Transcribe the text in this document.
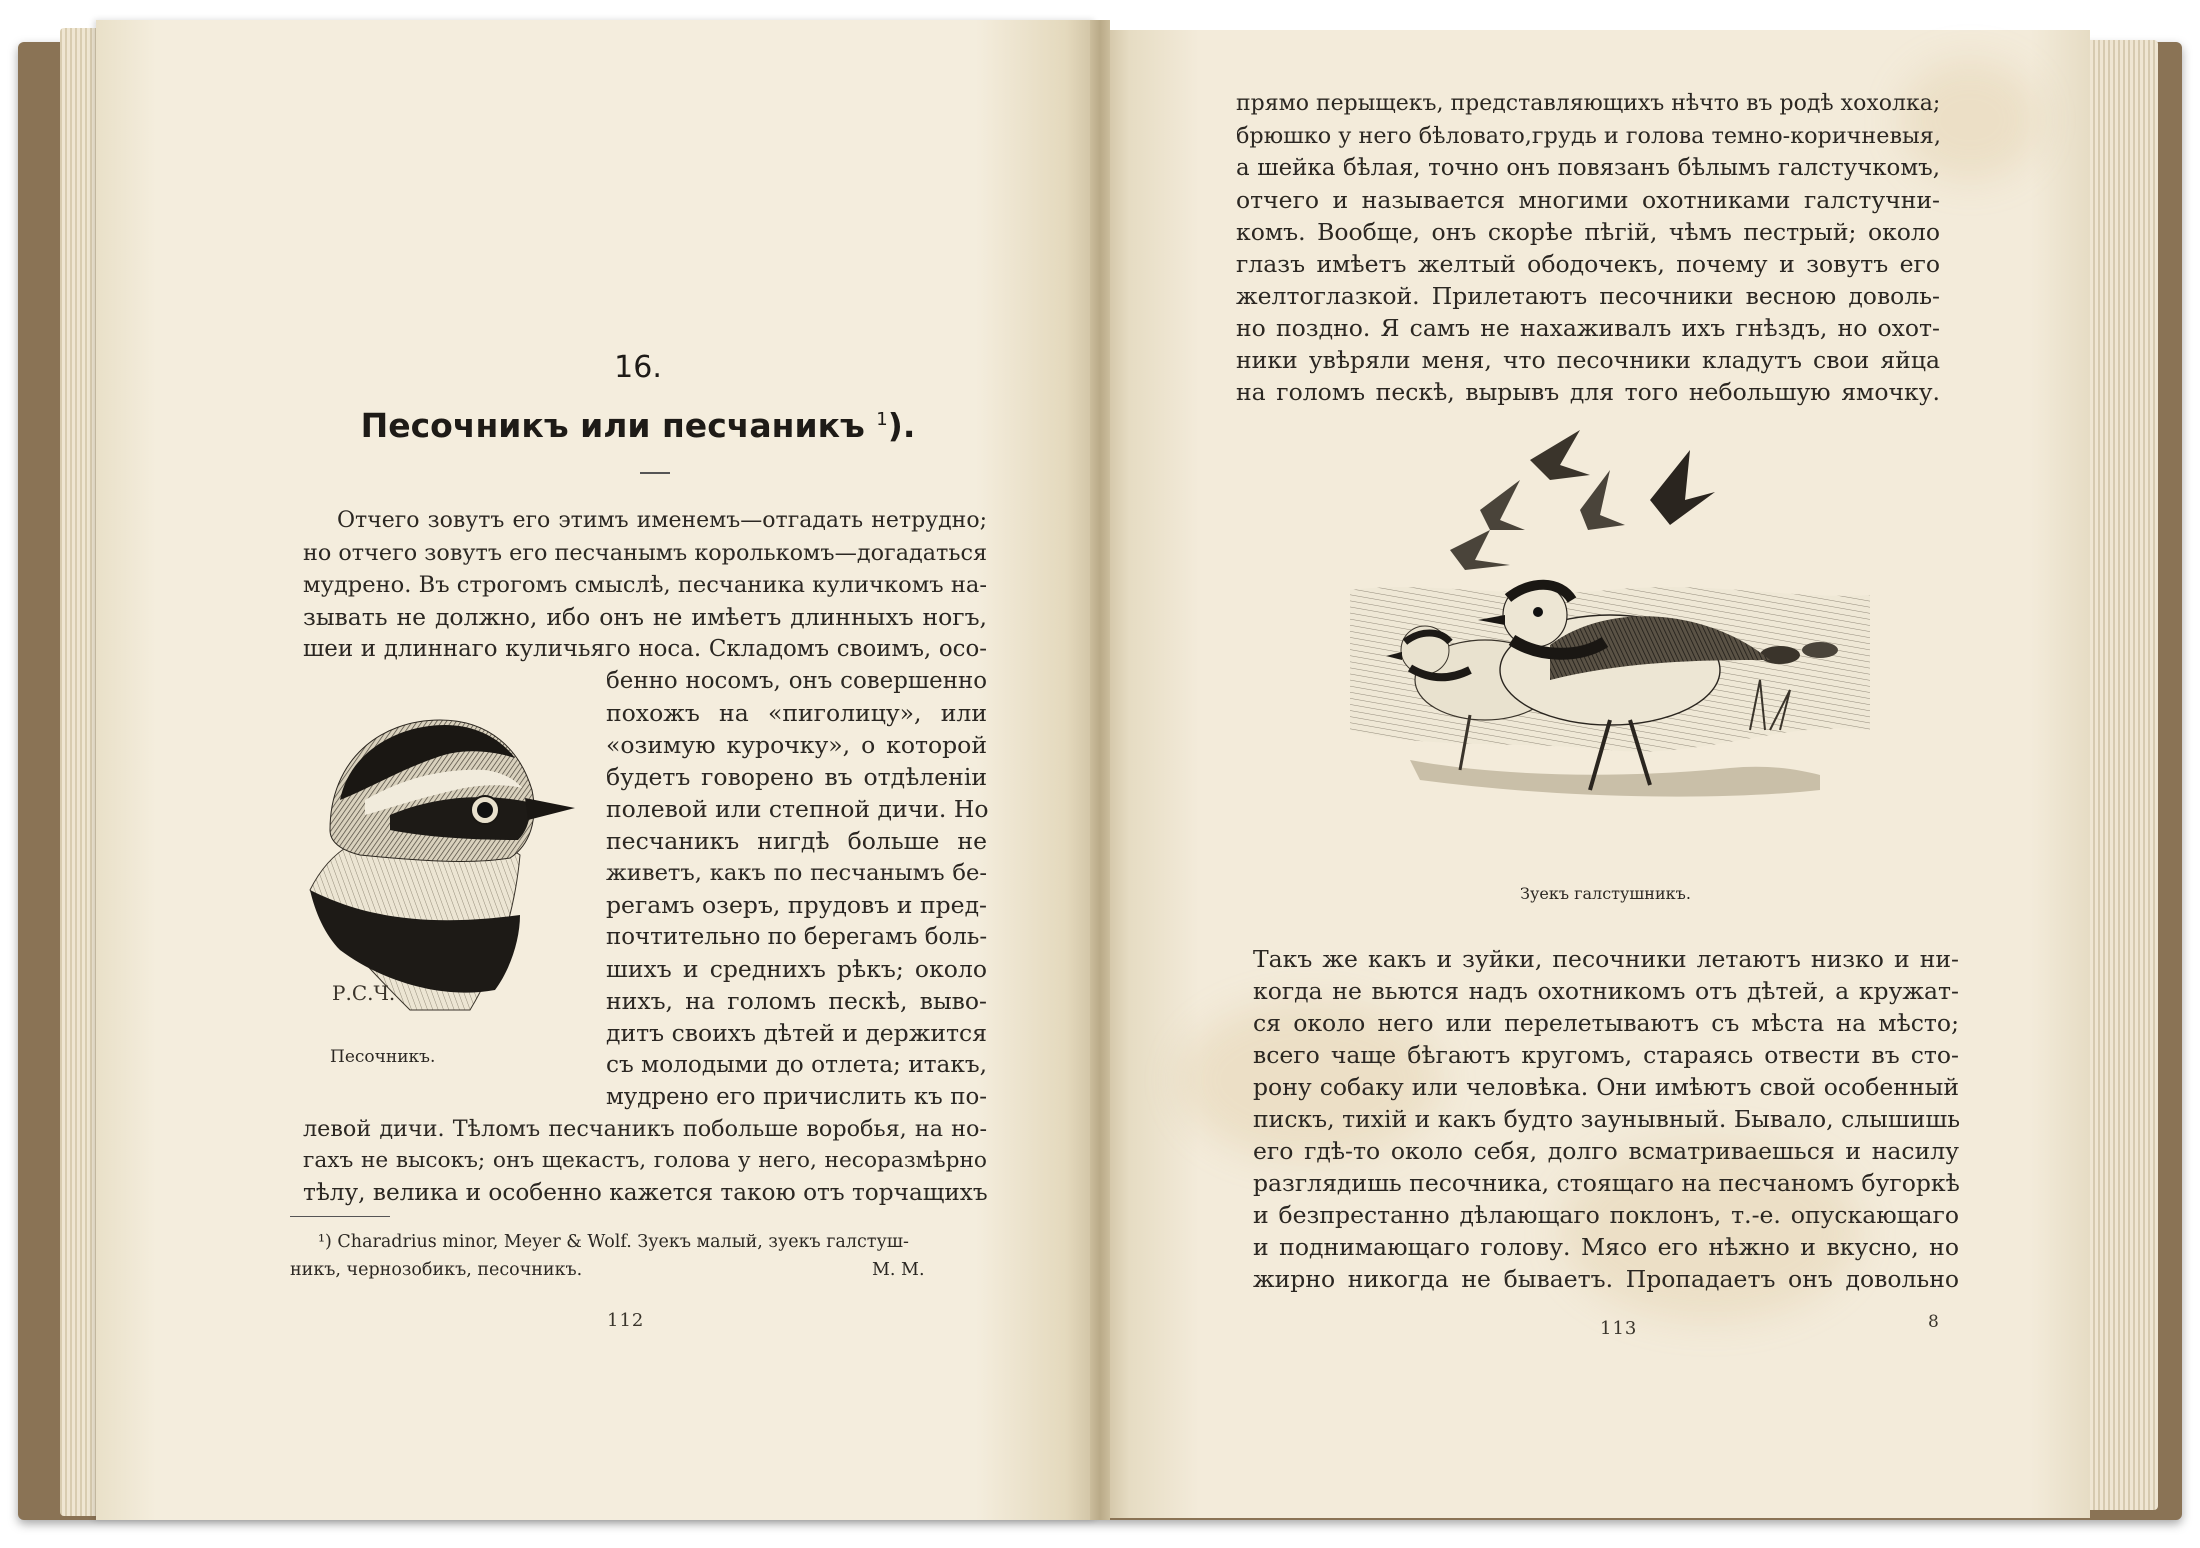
16.
Песочникъ или песчаникъ $^1$).
Отчего зовутъ его этимъ именемъ—отгадать нетрудно;
но отчего зовутъ его песчанымъ королькомъ—догадаться
мудрено. Въ строгомъ смыслѣ, песчаника куличкомъ на-
зывать не должно, ибо онъ не имѣетъ длинныхъ ногъ,
шеи и длиннаго куличьяго носа. Складомъ своимъ, осо-
бенно носомъ, онъ совершенно
похожъ на «пиголицу», или
«озимую курочку», о которой
будетъ говорено въ отдѣленіи
полевой или степной дичи. Но
песчаникъ нигдѣ больше не
живетъ, какъ по песчанымъ бе-
регамъ озеръ, прудовъ и пред-
почтительно по берегамъ боль-
шихъ и среднихъ рѣкъ; около
нихъ, на голомъ пескѣ, выво-
дитъ своихъ дѣтей и держится
съ молодыми до отлета; итакъ,
мудрено его причислить къ по-
левой дичи. Тѣломъ песчаникъ побольше воробья, на но-
гахъ не высокъ; онъ щекастъ, голова у него, несоразмѣрно
тѣлу, велика и особенно кажется такою отъ торчащихъ
Р.С.Ч.
Песочникъ.
¹) Charadrius minor, Meyer & Wolf. Зуекъ малый, зуекъ галстуш-
никъ, чернозобикъ, песочникъ.	М. М.
112
прямо перыщекъ, представляющихъ нѣчто въ родѣ хохолка;
брюшко у него бѣловато,грудь и голова темно-коричневыя,
а шейка бѣлая, точно онъ повязанъ бѣлымъ галстучкомъ,
отчего и называется многими охотниками галстучни-
комъ. Вообще, онъ скорѣе пѣгій, чѣмъ пестрый; около
глазъ имѣетъ желтый ободочекъ, почему и зовутъ его
желтоглазкой. Прилетаютъ песочники весною доволь-
но поздно. Я самъ не нахаживалъ ихъ гнѣздъ, но охот-
ники увѣряли меня, что песочники кладутъ свои яйца
на голомъ пескѣ, вырывъ для того небольшую ямочку.
Зуекъ галстушникъ.
Такъ же какъ и зуйки, песочники летаютъ низко и ни-
когда не вьются надъ охотникомъ отъ дѣтей, а кружат-
ся около него или перелетываютъ съ мѣста на мѣсто;
всего чаще бѣгаютъ кругомъ, стараясь отвести въ сто-
рону собаку или человѣка. Они имѣютъ свой особенный
пискъ, тихій и какъ будто заунывный. Бывало, слышишь
его гдѣ-то около себя, долго всматриваешься и насилу
разглядишь песочника, стоящаго на песчаномъ бугоркѣ
и безпрестанно дѣлающаго поклонъ, т.-е. опускающаго
и поднимающаго голову. Мясо его нѣжно и вкусно, но
жирно никогда не бываетъ. Пропадаетъ онъ довольно
113	8
